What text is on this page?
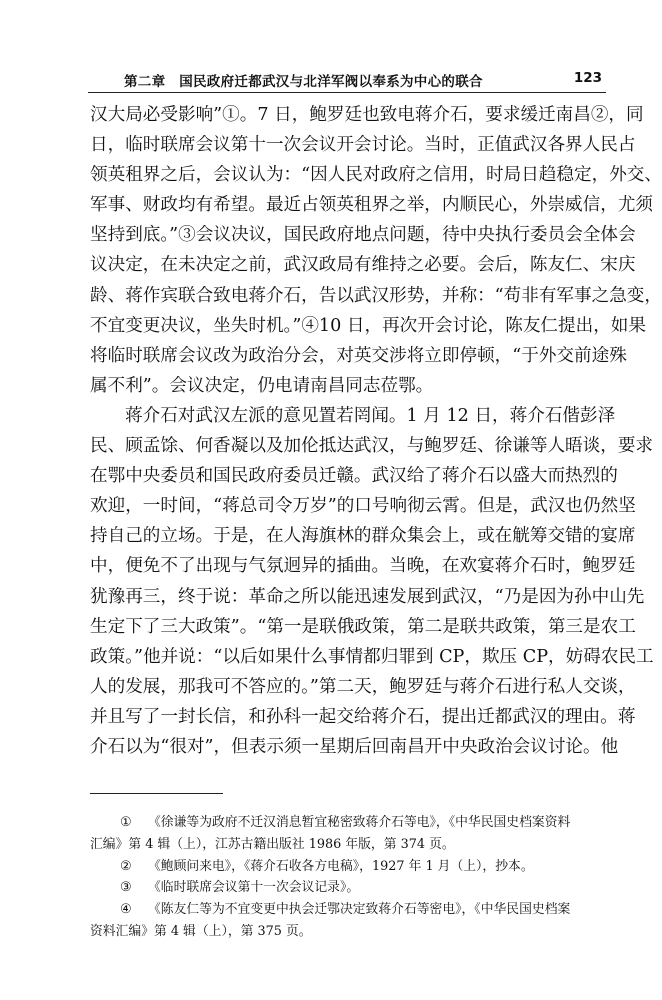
第二章　国民政府迁都武汉与北洋军阀以奉系为中心的联合	123
汉大局必受影响”①。7 日，鲍罗廷也致电蒋介石，要求缓迁南昌②，同
日，临时联席会议第十一次会议开会讨论。当时，正值武汉各界人民占
领英租界之后，会议认为：“因人民对政府之信用，时局日趋稳定，外交、
军事、财政均有希望。最近占领英租界之举，内顺民心，外崇威信，尤须
坚持到底。”③会议决议，国民政府地点问题，待中央执行委员会全体会
议决定，在未决定之前，武汉政局有维持之必要。会后，陈友仁、宋庆
龄、蒋作宾联合致电蒋介石，告以武汉形势，并称：“苟非有军事之急变，
不宜变更决议，坐失时机。”④10 日，再次开会讨论，陈友仁提出，如果
将临时联席会议改为政治分会，对英交涉将立即停顿，“于外交前途殊
属不利”。会议决定，仍电请南昌同志莅鄂。
蒋介石对武汉左派的意见置若罔闻。1 月 12 日，蒋介石偕彭泽
民、顾孟馀、何香凝以及加伦抵达武汉，与鲍罗廷、徐谦等人晤谈，要求
在鄂中央委员和国民政府委员迁赣。武汉给了蒋介石以盛大而热烈的
欢迎，一时间，“蒋总司令万岁”的口号响彻云霄。但是，武汉也仍然坚
持自己的立场。于是，在人海旗林的群众集会上，或在觥筹交错的宴席
中，便免不了出现与气氛迥异的插曲。当晚，在欢宴蒋介石时，鲍罗廷
犹豫再三，终于说：革命之所以能迅速发展到武汉，“乃是因为孙中山先
生定下了三大政策”。“第一是联俄政策，第二是联共政策，第三是农工
政策。”他并说：“以后如果什么事情都归罪到 CP，欺压 CP，妨碍农民工
人的发展，那我可不答应的。”第二天，鲍罗廷与蒋介石进行私人交谈，
并且写了一封长信，和孙科一起交给蒋介石，提出迁都武汉的理由。蒋
介石以为“很对”，但表示须一星期后回南昌开中央政治会议讨论。他
① 《徐谦等为政府不迁汉消息暂宜秘密致蒋介石等电》，《中华民国史档案资料
汇编》第 4 辑（上），江苏古籍出版社 1986 年版，第 374 页。
② 《鲍顾问来电》，《蒋介石收各方电稿》，1927 年 1 月（上），抄本。
③ 《临时联席会议第十一次会议记录》。
④ 《陈友仁等为不宜变更中执会迁鄂决定致蒋介石等密电》，《中华民国史档案
资料汇编》第 4 辑（上），第 375 页。
